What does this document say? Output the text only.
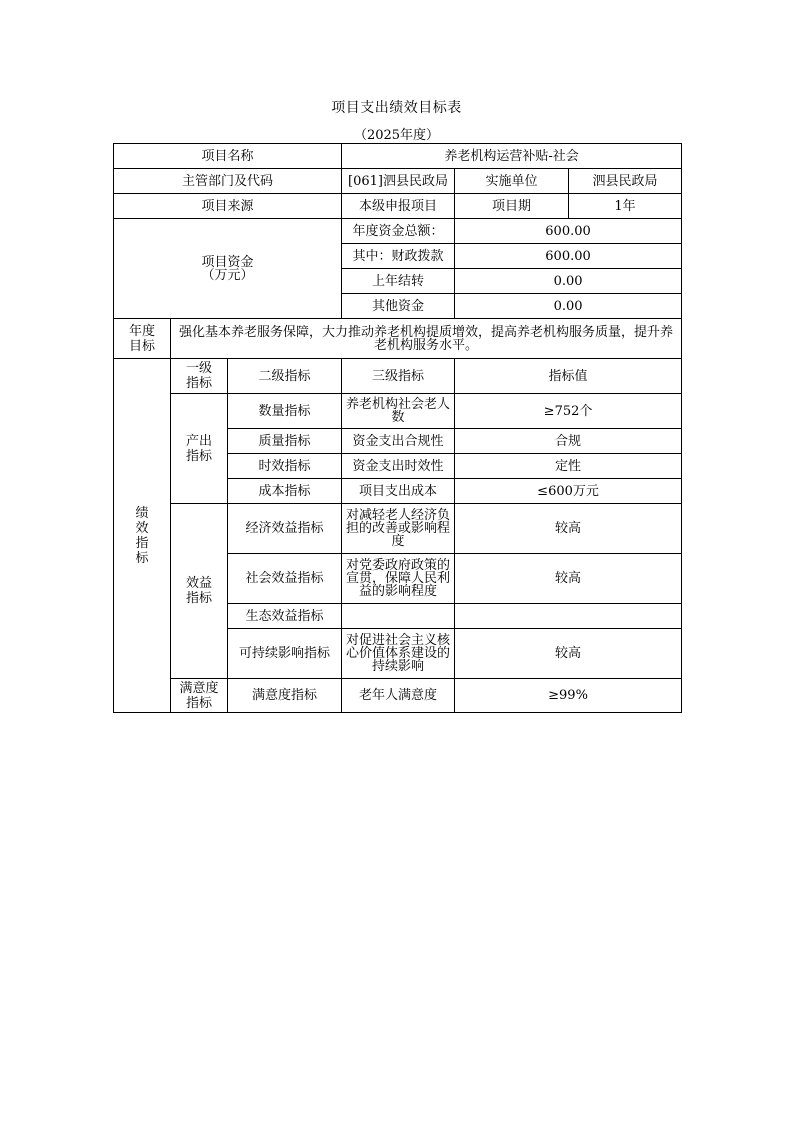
项目支出绩效目标表
（2025年度）
项目名称			养老机构运营补贴-社会		
主管部门及代码			[061]泗县民政局	实施单位	泗县民政局
项目来源			本级申报项目	项目期	1年

项目资金
（万元）			年度资金总额：	600.00	
			其中：财政拨款	600.00	
			上年结转	0.00	
			其他资金	0.00	
年度目标	强化基本养老服务保障，大力推动养老机构提质增效，提高养老机构服务质量，提升养老机构服务水平。				
绩效指标	一级指标	二级指标	三级指标	指标值	
	产出指标	数量指标	养老机构社会老人数	≥752个	
		质量指标	资金支出合规性	合规	
		时效指标	资金支出时效性	定性	
		成本指标	项目支出成本	≤600万元	
	效益指标	经济效益指标	对减轻老人经济负担的改善或影响程度	较高	
		社会效益指标	对党委政府政策的宣贯，保障人民利益的影响程度	较高	
		生态效益指标			
		可持续影响指标	对促进社会主义核心价值体系建设的持续影响	较高	
	满意度指标	满意度指标	老年人满意度	≥99%	
